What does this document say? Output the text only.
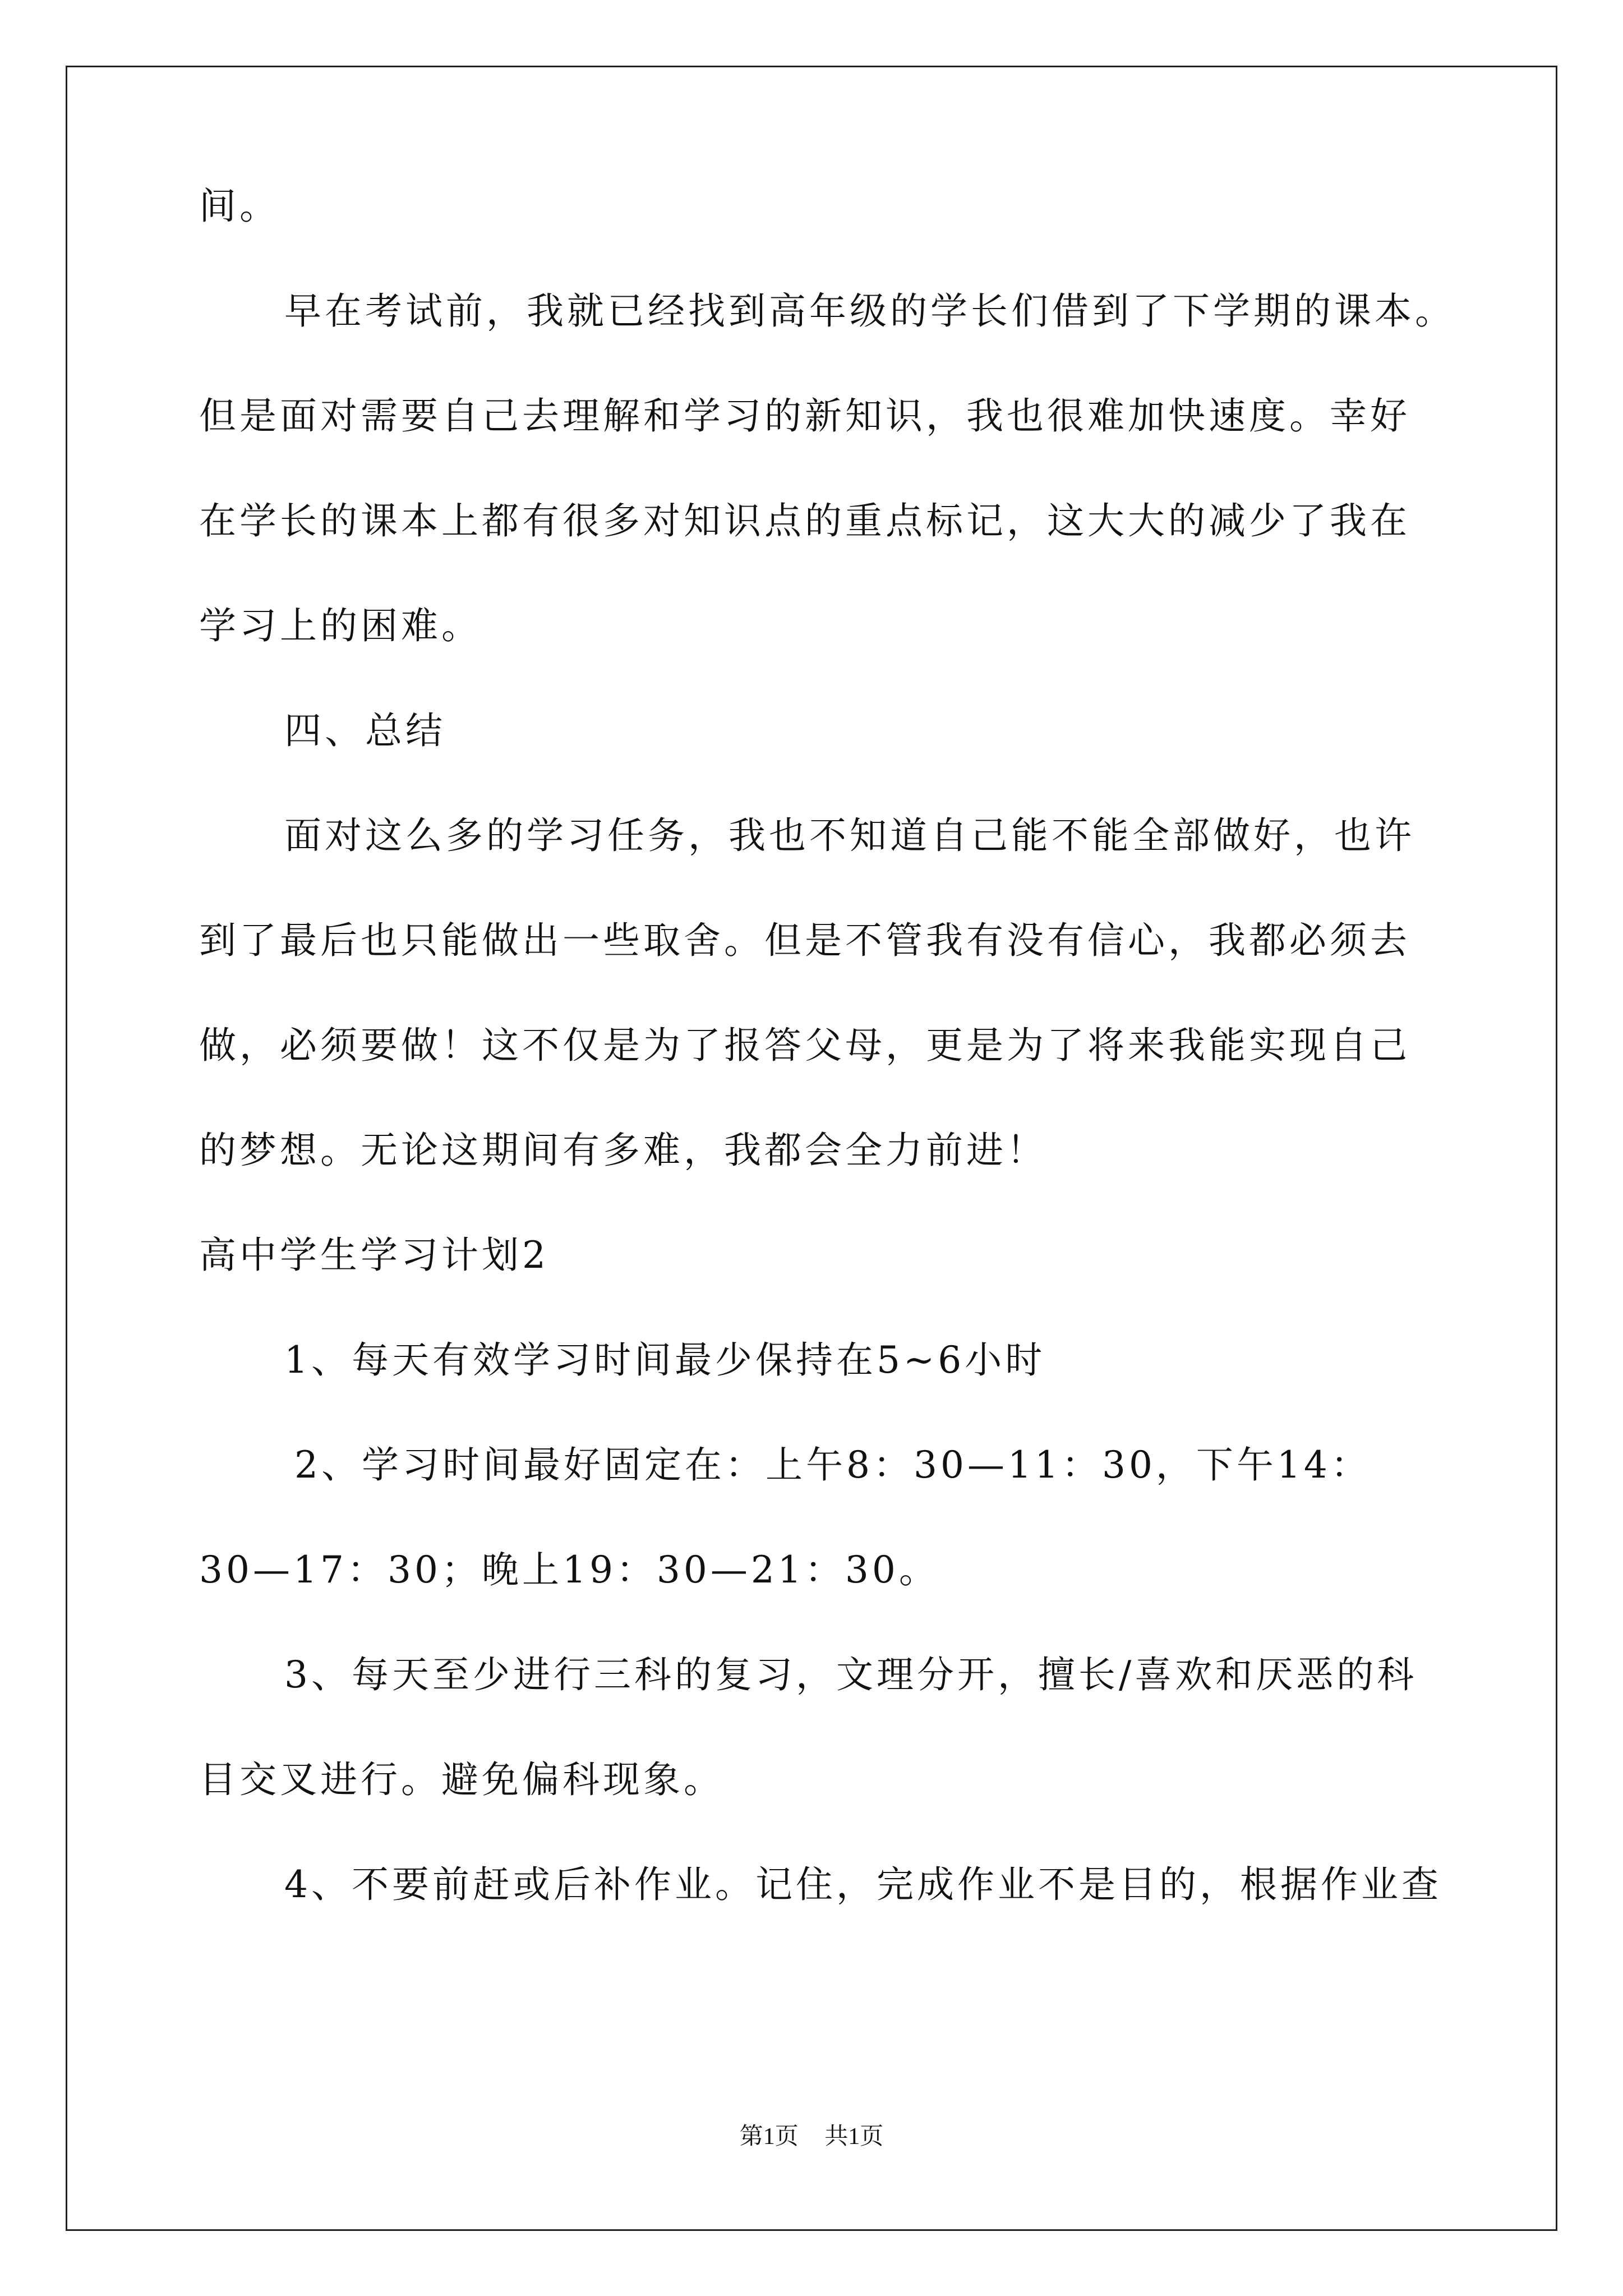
间。

早在考试前，我就已经找到高年级的学长们借到了下学期的课本。

但是面对需要自己去理解和学习的新知识，我也很难加快速度。幸好

在学长的课本上都有很多对知识点的重点标记，这大大的减少了我在

学习上的困难。

四、总结

面对这么多的学习任务，我也不知道自己能不能全部做好，也许

到了最后也只能做出一些取舍。但是不管我有没有信心，我都必须去

做，必须要做！这不仅是为了报答父母，更是为了将来我能实现自己

的梦想。无论这期间有多难，我都会全力前进！

高中学生学习计划2

1、每天有效学习时间最少保持在5~6小时

2、学习时间最好固定在：上午8：30—11：30，下午14：

30—17：30；晚上19：30—21：30。

3、每天至少进行三科的复习，文理分开，擅长/喜欢和厌恶的科

目交叉进行。避免偏科现象。

4、不要前赶或后补作业。记住，完成作业不是目的，根据作业查

第1页 共1页
